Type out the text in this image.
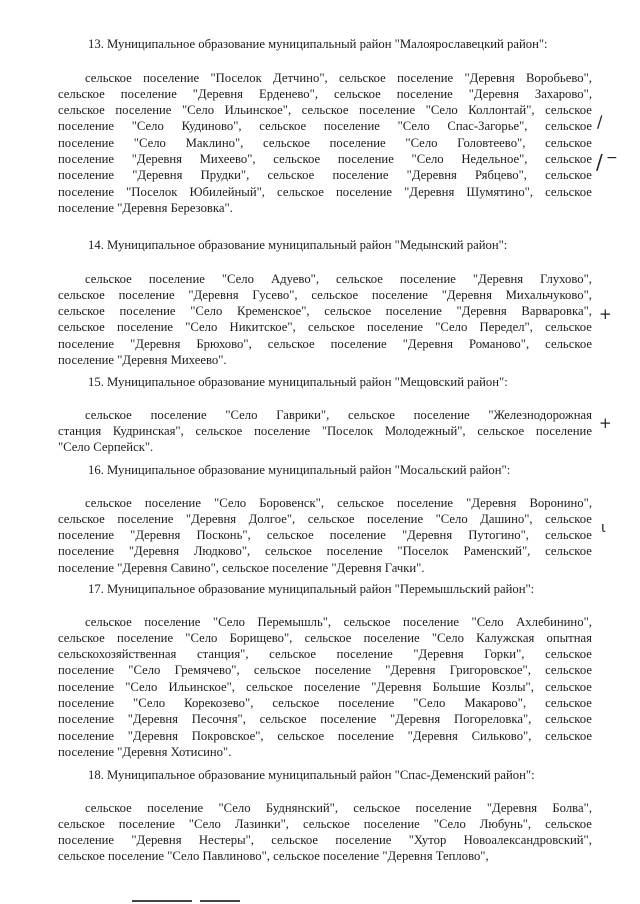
13. Муниципальное образование муниципальный район "Малоярославецкий район":
сельское поселение "Поселок Детчино", сельское поселение "Деревня Воробьево",
сельское поселение "Деревня Ерденево", сельское поселение "Деревня Захарово",
сельское поселение "Село Ильинское", сельское поселение "Село Коллонтай", сельское
поселение "Село Кудиново", сельское поселение "Село Спас-Загорье", сельское
поселение "Село Маклино", сельское поселение "Село Головтеево", сельское
поселение "Деревня Михеево", сельское поселение "Село Недельное", сельское
поселение "Деревня Прудки", сельское поселение "Деревня Рябцево", сельское
поселение "Поселок Юбилейный", сельское поселение "Деревня Шумятино", сельское
поселение "Деревня Березовка".
14. Муниципальное образование муниципальный район "Медынский район":
сельское поселение "Село Адуево", сельское поселение "Деревня Глухово",
сельское поселение "Деревня Гусево", сельское поселение "Деревня Михальчуково",
сельское поселение "Село Кременское", сельское поселение "Деревня Варваровка",
сельское поселение "Село Никитское", сельское поселение "Село Передел", сельское
поселение "Деревня Брюхово", сельское поселение "Деревня Романово", сельское
поселение "Деревня Михеево".
15. Муниципальное образование муниципальный район "Мещовский район":
сельское поселение "Село Гаврики", сельское поселение "Железнодорожная
станция Кудринская", сельское поселение "Поселок Молодежный", сельское поселение
"Село Серпейск".
16. Муниципальное образование муниципальный район "Мосальский район":
сельское поселение "Село Боровенск", сельское поселение "Деревня Воронино",
сельское поселение "Деревня Долгое", сельское поселение "Село Дашино", сельское
поселение "Деревня Посконь", сельское поселение "Деревня Путогино", сельское
поселение "Деревня Людково", сельское поселение "Поселок Раменский", сельское
поселение "Деревня Савино", сельское поселение "Деревня Гачки".
17. Муниципальное образование муниципальный район "Перемышльский район":
сельское поселение "Село Перемышль", сельское поселение "Село Ахлебинино",
сельское поселение "Село Борищево", сельское поселение "Село Калужская опытная
сельскохозяйственная станция", сельское поселение "Деревня Горки", сельское
поселение "Село Гремячево", сельское поселение "Деревня Григоровское", сельское
поселение "Село Ильинское", сельское поселение "Деревня Большие Козлы", сельское
поселение "Село Корекозево", сельское поселение "Село Макарово", сельское
поселение "Деревня Песочня", сельское поселение "Деревня Погореловка", сельское
поселение "Деревня Покровское", сельское поселение "Деревня Сильково", сельское
поселение "Деревня Хотисино".
18. Муниципальное образование муниципальный район "Спас-Деменский район":
сельское поселение "Село Буднянский", сельское поселение "Деревня Болва",
сельское поселение "Село Лазинки", сельское поселение "Село Любунь", сельское
поселение "Деревня Нестеры", сельское поселение "Хутор Новоалександровский",
сельское поселение "Село Павлиново", сельское поселение "Деревня Теплово",
/
/ −
+
+
ι
